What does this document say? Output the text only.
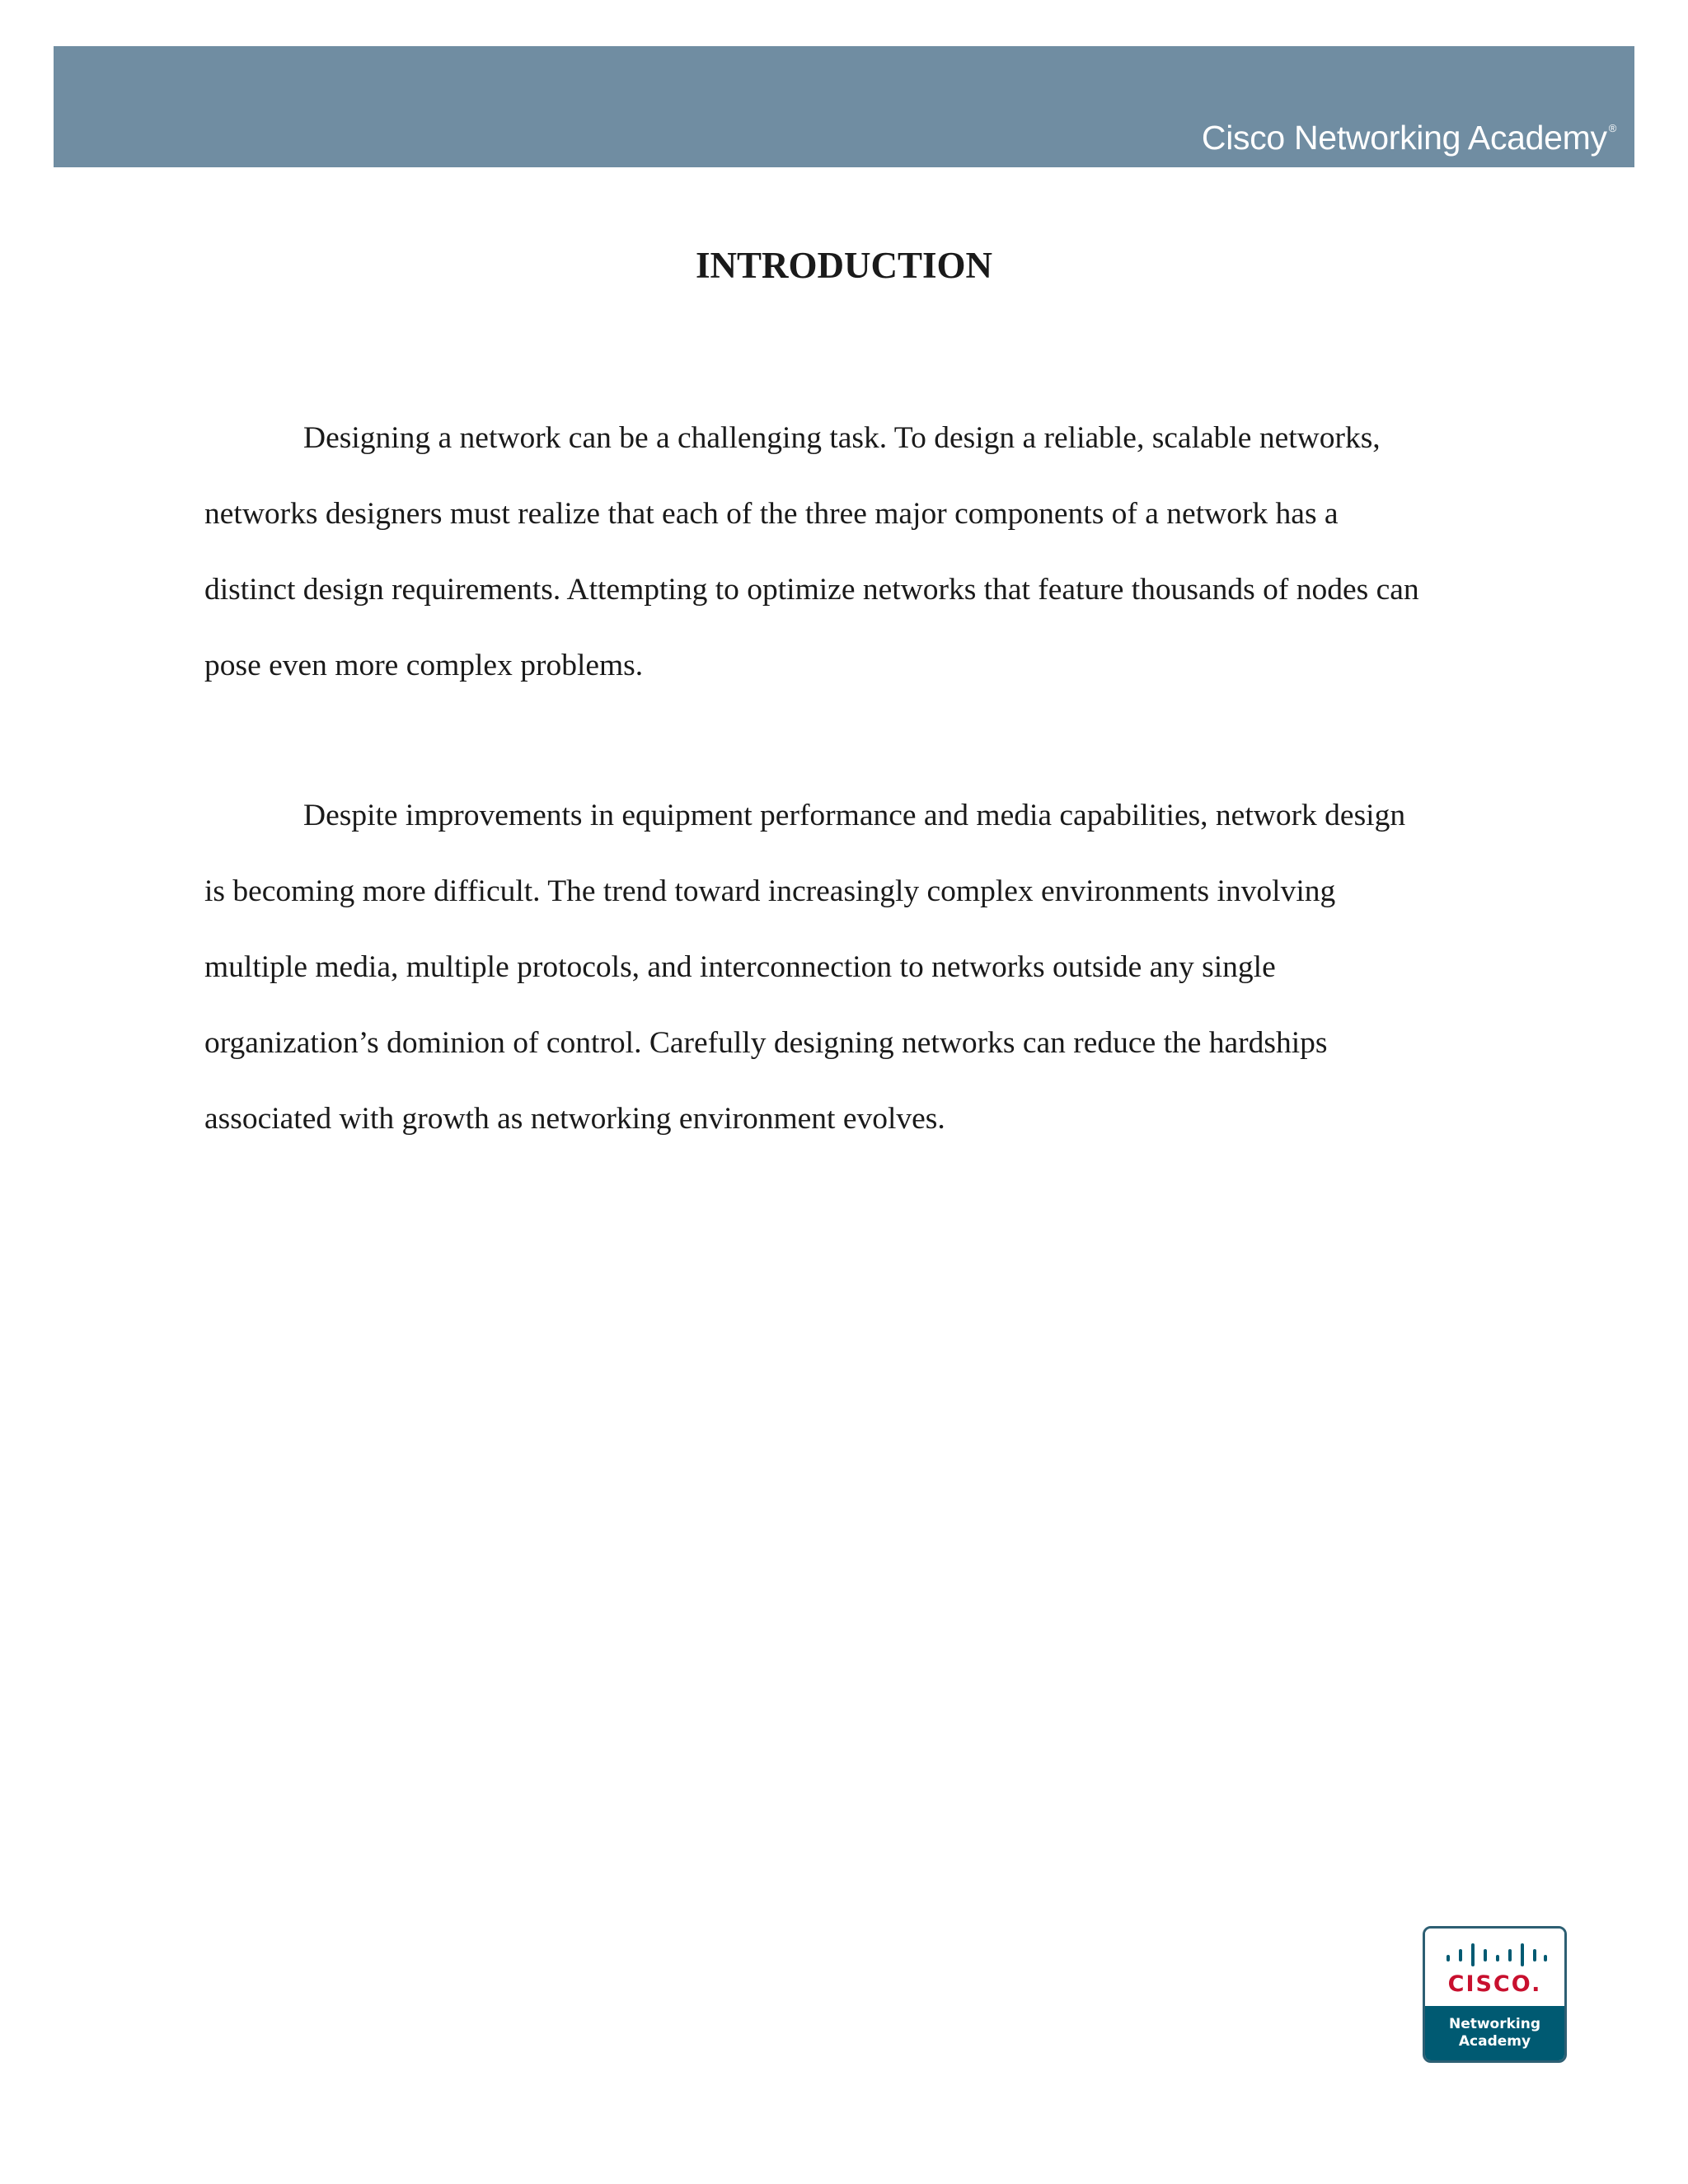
Cisco Networking Academy ®
INTRODUCTION
Designing a network can be a challenging task. To design a reliable, scalable networks,
networks designers must realize that each of the three major components of a network has a
distinct design requirements. Attempting to optimize networks that feature thousands of nodes can
pose even more complex problems.
Despite improvements in equipment performance and media capabilities, network design
is becoming more difficult. The trend toward increasingly complex environments involving
multiple media, multiple protocols, and interconnection to networks outside any single
organization’s dominion of control. Carefully designing networks can reduce the hardships
associated with growth as networking environment evolves.
CISCO.
Networking
Academy
